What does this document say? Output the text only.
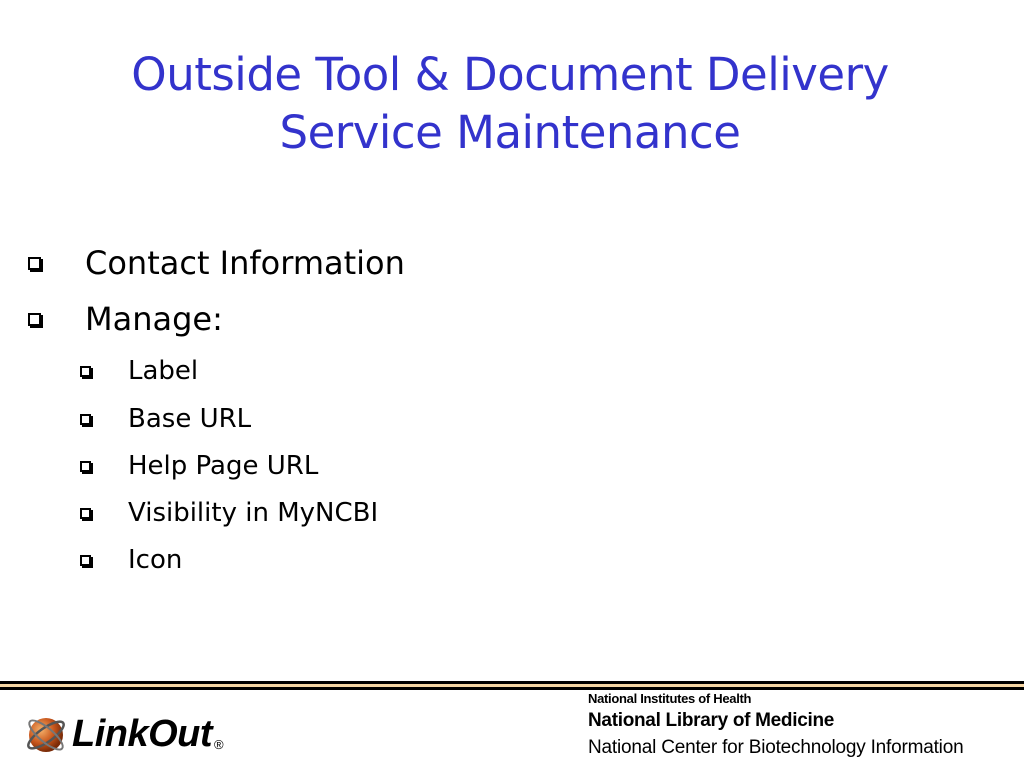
Outside Tool & Document Delivery
Service Maintenance
Contact Information
Manage:
Label
Base URL
Help Page URL
Visibility in MyNCBI
Icon
LinkOut ®
National Institutes of Health
National Library of Medicine
National Center for Biotechnology Information
